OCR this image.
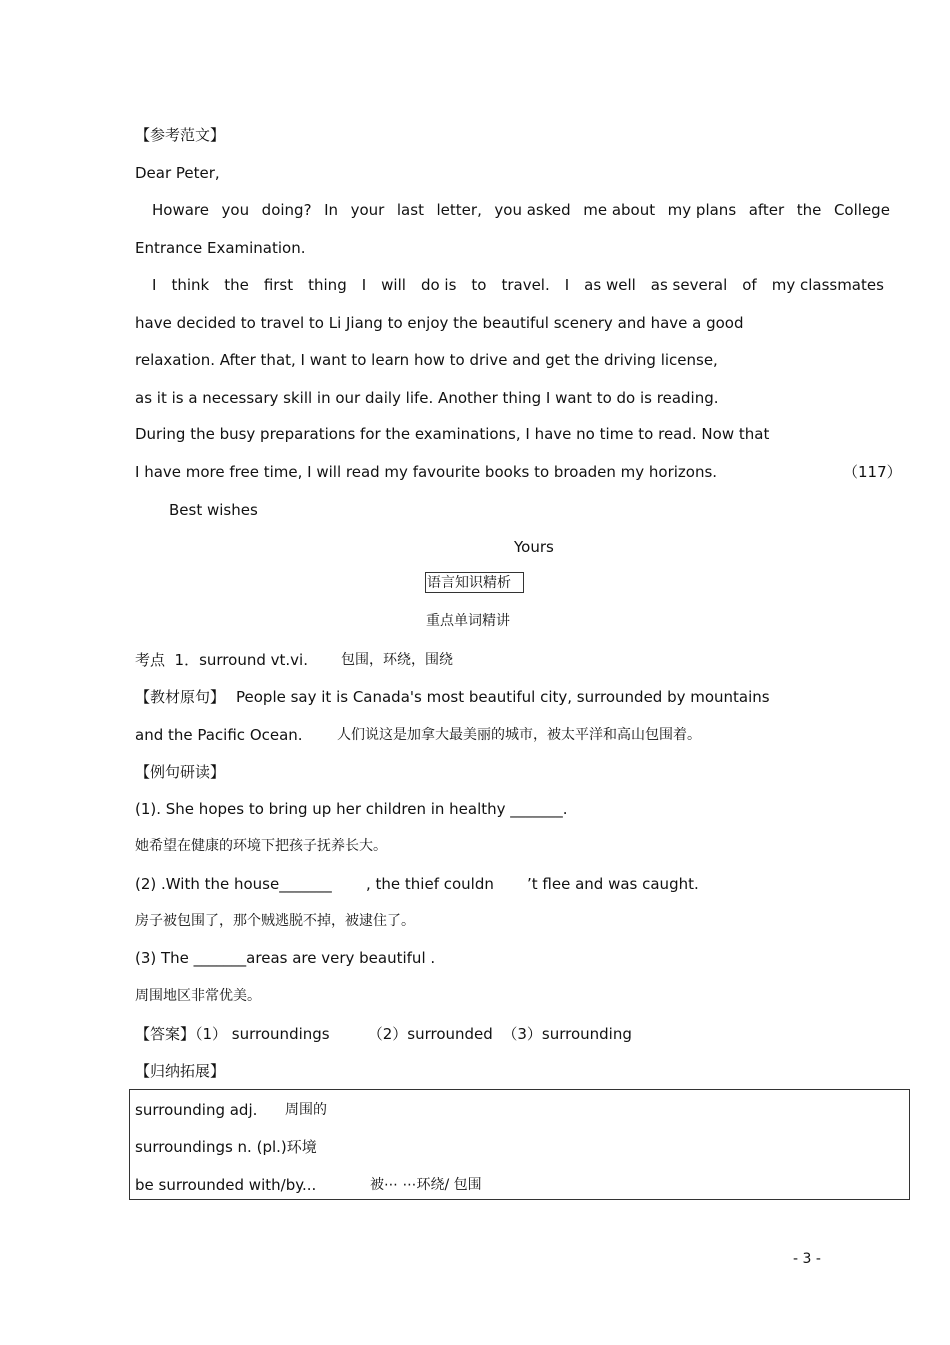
【参考范文】
Dear Peter,
Howare you doing? In your last letter, you asked me about my plans after the College
Entrance Examination.
I think the first thing I will do is to travel. I as well as several of my classmates
have decided to travel to Li Jiang to enjoy the beautiful scenery and have a good
relaxation. After that, I want to learn how to drive and get the driving license,
as it is a necessary skill in our daily life. Another thing I want to do is reading.
During the busy preparations for the examinations, I have no time to read. Now that
I have more free time, I will read my favourite books to broaden my horizons.	（117）
Best wishes
Yours
语言知识精析
重点单词精讲
考点  1．surround vt.vi. 包围，环绕，围绕
【教材原句】 People say it is Canada's most beautiful city, surrounded by mountains
and the Pacific Ocean. 人们说这是加拿大最美丽的城市，被太平洋和高山包围着。
【例句研读】
(1). She hopes to bring up her children in healthy _______.
她希望在健康的环境下把孩子抚养长大。
(2) .With the house_______ , the thief couldn ’t flee and was caught.
房子被包围了，那个贼逃脱不掉，被逮住了。
(3) The _______areas are very beautiful .
周围地区非常优美。
【答案】（1） surroundings        （2）surrounded  （3）surrounding
【归纳拓展】
surrounding adj. 周围的
surroundings n. (pl.)环境
be surrounded with/by...	被⋯ ⋯环绕/ 包围
- 3 -
